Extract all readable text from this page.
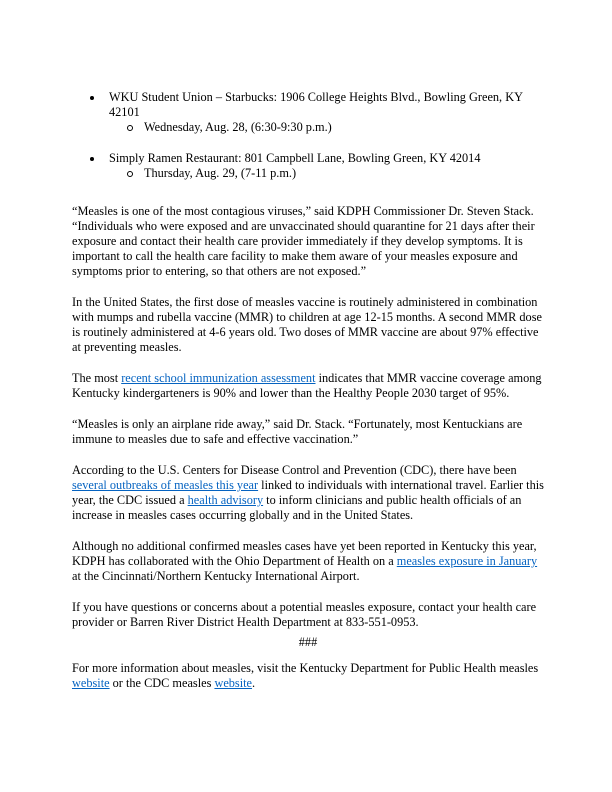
WKU Student Union – Starbucks: 1906 College Heights Blvd., Bowling Green, KY 42101
Wednesday, Aug. 28, (6:30-9:30 p.m.)
Simply Ramen Restaurant: 801 Campbell Lane, Bowling Green, KY 42014
Thursday, Aug. 29, (7-11 p.m.)

“Measles is one of the most contagious viruses,” said KDPH Commissioner Dr. Steven Stack. “Individuals who were exposed and are unvaccinated should quarantine for 21 days after their exposure and contact their health care provider immediately if they develop symptoms. It is important to call the health care facility to make them aware of your measles exposure and symptoms prior to entering, so that others are not exposed.”

In the United States, the first dose of measles vaccine is routinely administered in combination with mumps and rubella vaccine (MMR) to children at age 12-15 months. A second MMR dose is routinely administered at 4-6 years old. Two doses of MMR vaccine are about 97% effective at preventing measles.

The most recent school immunization assessment indicates that MMR vaccine coverage among Kentucky kindergarteners is 90% and lower than the Healthy People 2030 target of 95%.

“Measles is only an airplane ride away,” said Dr. Stack. “Fortunately, most Kentuckians are immune to measles due to safe and effective vaccination.”

According to the U.S. Centers for Disease Control and Prevention (CDC), there have been several outbreaks of measles this year linked to individuals with international travel. Earlier this year, the CDC issued a health advisory to inform clinicians and public health officials of an increase in measles cases occurring globally and in the United States.

Although no additional confirmed measles cases have yet been reported in Kentucky this year, KDPH has collaborated with the Ohio Department of Health on a measles exposure in January at the Cincinnati/Northern Kentucky International Airport.

If you have questions or concerns about a potential measles exposure, contact your health care provider or Barren River District Health Department at 833-551-0953.

###

For more information about measles, visit the Kentucky Department for Public Health measles website or the CDC measles website.
